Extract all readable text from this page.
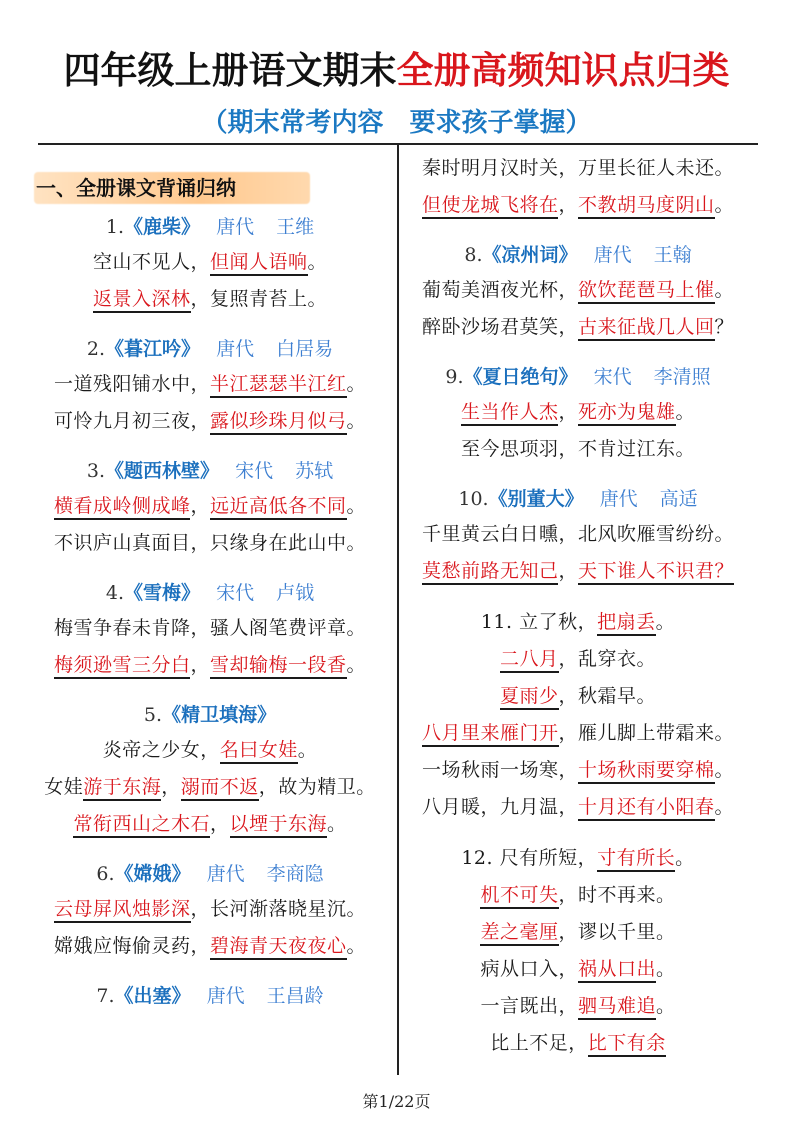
四年级上册语文期末全册高频知识点归类
（期末常考内容　要求孩子掌握）
一、全册课文背诵归纳
1.《鹿柴》 唐代 王维
空山不见人，但闻人语响。
返景入深林，复照青苔上。
2.《暮江吟》 唐代 白居易
一道残阳铺水中，半江瑟瑟半江红。
可怜九月初三夜，露似珍珠月似弓。
3.《题西林壁》 宋代 苏轼
横看成岭侧成峰，远近高低各不同。
不识庐山真面目，只缘身在此山中。
4.《雪梅》 宋代 卢钺
梅雪争春未肯降，骚人阁笔费评章。
梅须逊雪三分白，雪却输梅一段香。
5.《精卫填海》
炎帝之少女，名曰女娃。
女娃游于东海，溺而不返，故为精卫。
常衔西山之木石，以堙于东海。
6.《嫦娥》 唐代 李商隐
云母屏风烛影深，长河渐落晓星沉。
嫦娥应悔偷灵药，碧海青天夜夜心。
7.《出塞》 唐代 王昌龄
秦时明月汉时关，万里长征人未还。
但使龙城飞将在，不教胡马度阴山。
8.《凉州词》 唐代 王翰
葡萄美酒夜光杯，欲饮琵琶马上催。
醉卧沙场君莫笑，古来征战几人回？
9.《夏日绝句》 宋代 李清照
生当作人杰，死亦为鬼雄。
至今思项羽，不肯过江东。
10.《别董大》 唐代 高适
千里黄云白日曛，北风吹雁雪纷纷。
莫愁前路无知己，天下谁人不识君？
11. 立了秋，把扇丢。
二八月，乱穿衣。
夏雨少，秋霜早。
八月里来雁门开，雁儿脚上带霜来。
一场秋雨一场寒，十场秋雨要穿棉。
八月暖，九月温，十月还有小阳春。
12. 尺有所短，寸有所长。
机不可失，时不再来。
差之毫厘，谬以千里。
病从口入，祸从口出。
一言既出，驷马难追。
比上不足，比下有余
第1/22页
